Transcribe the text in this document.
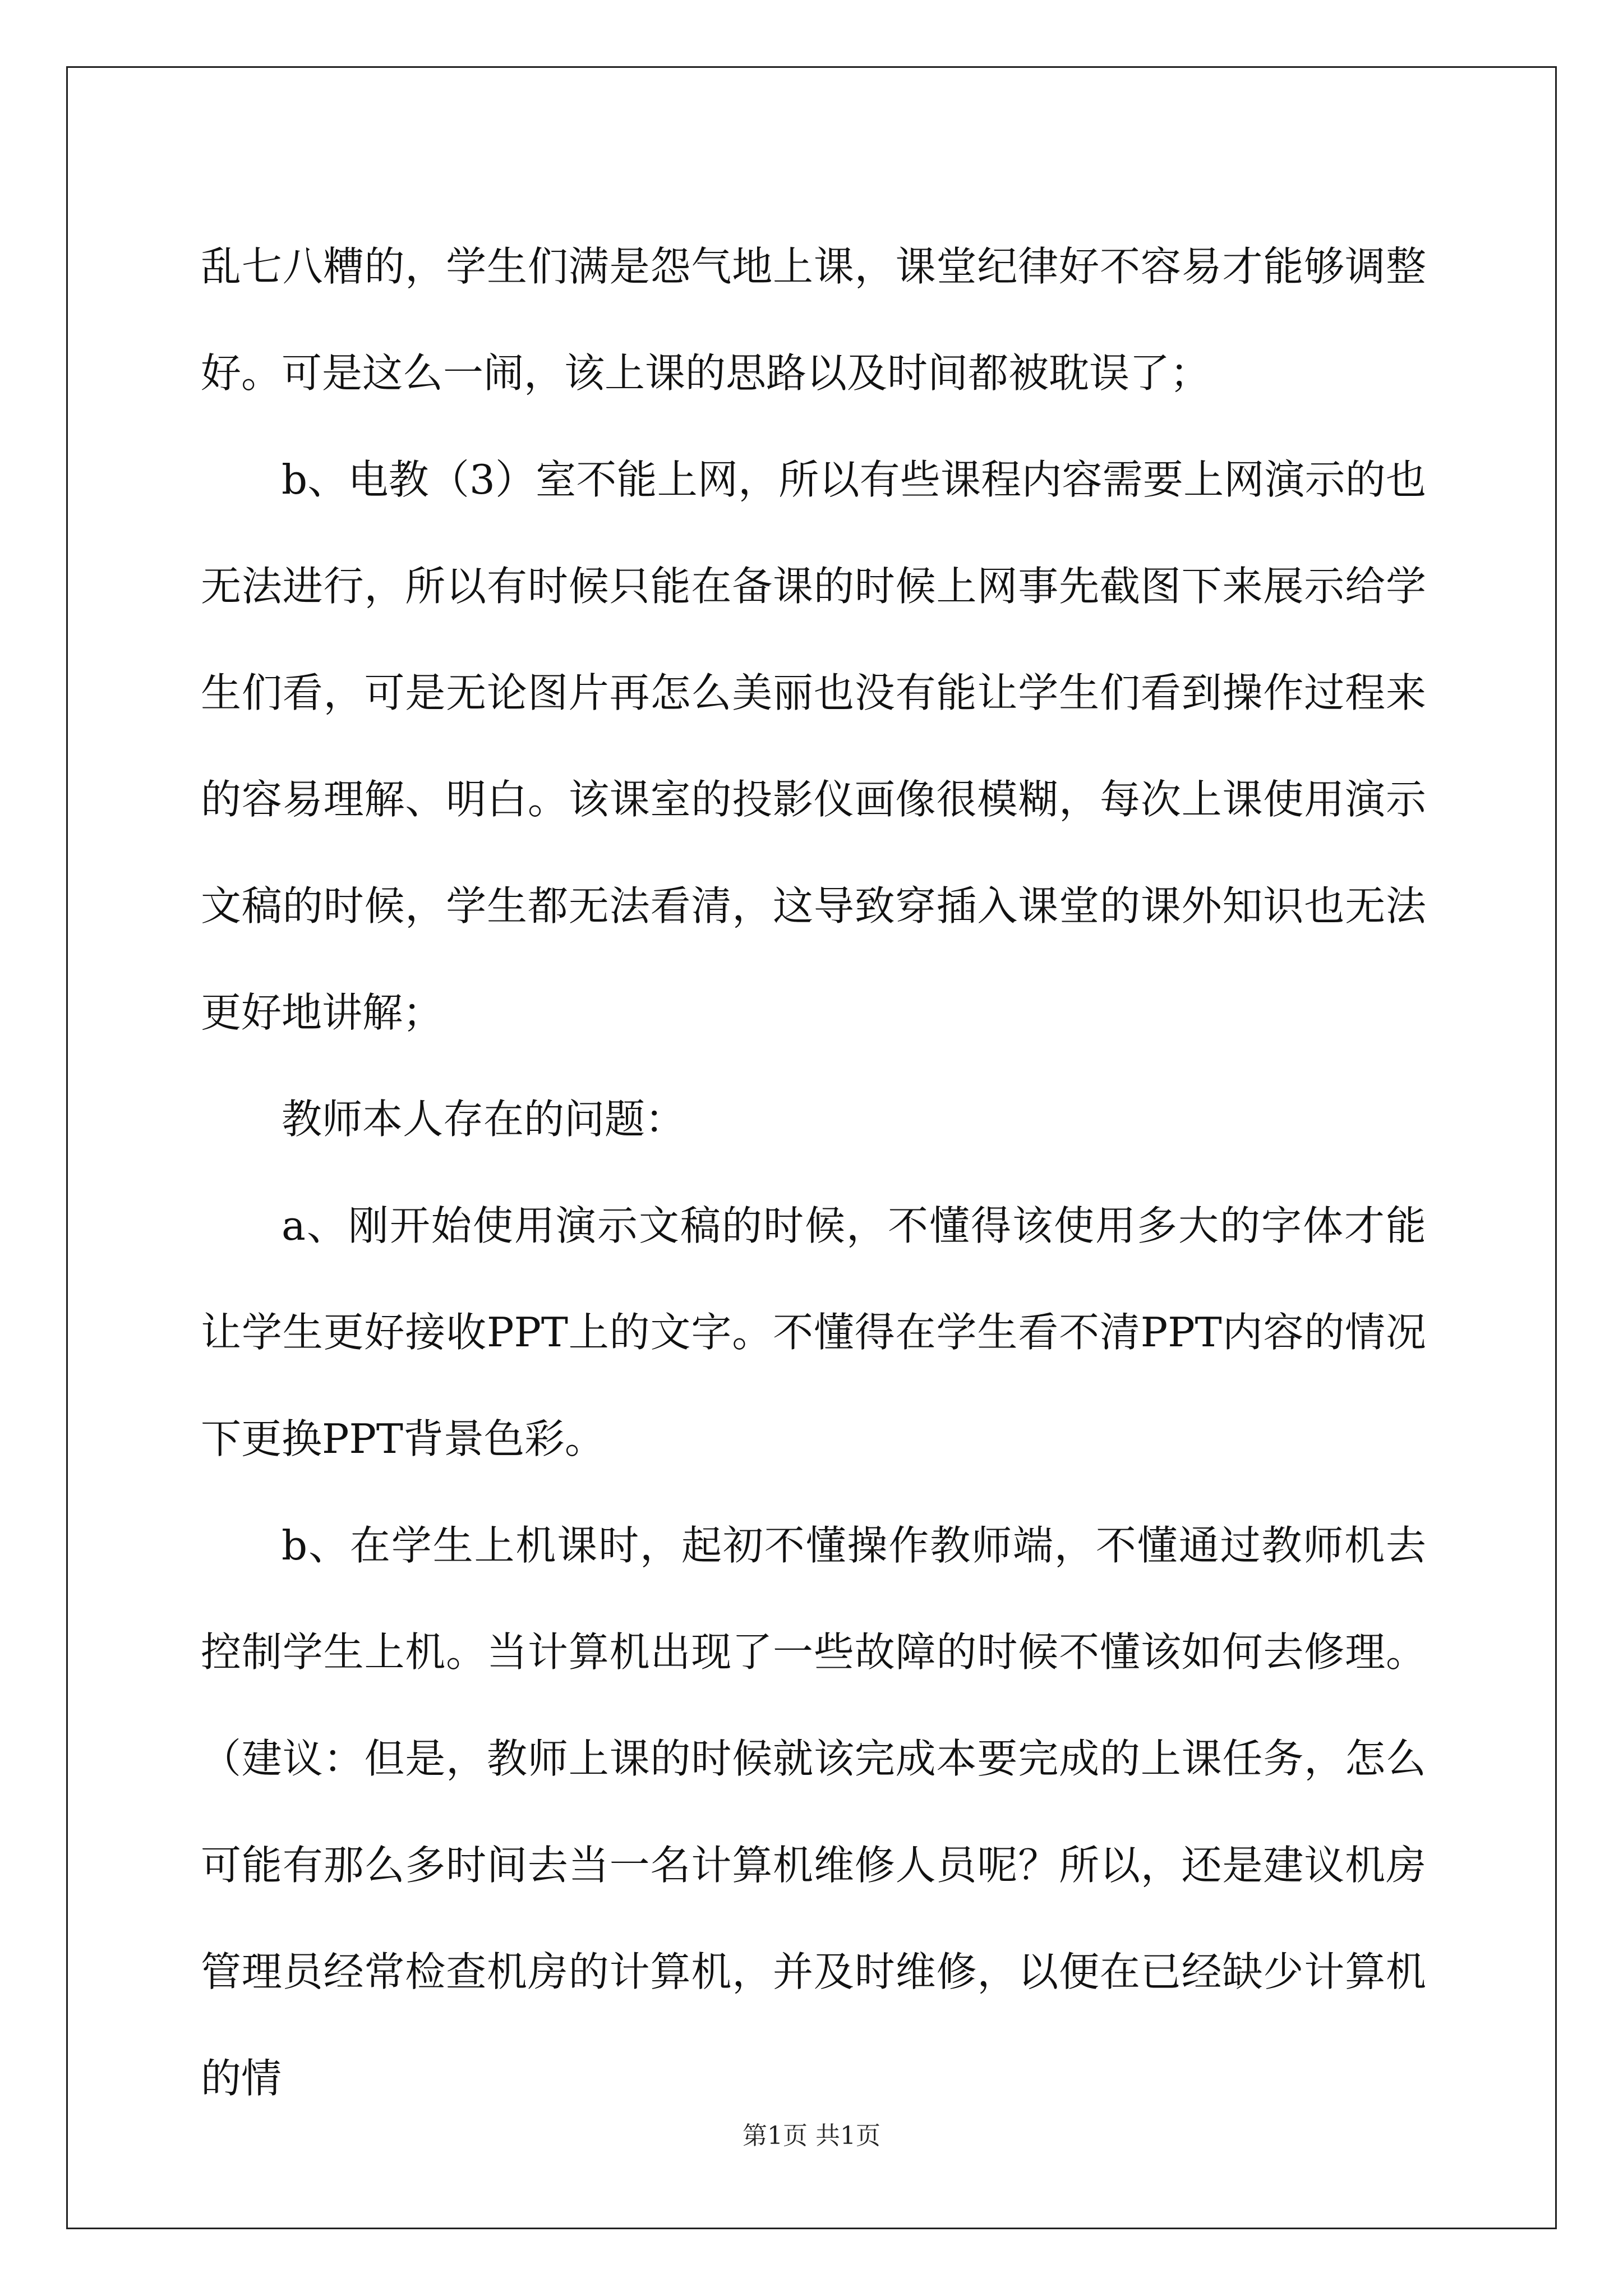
乱七八糟的，学生们满是怨气地上课，课堂纪律好不容易才能够调整好。可是这么一闹，该上课的思路以及时间都被耽误了；

b、电教（3）室不能上网，所以有些课程内容需要上网演示的也无法进行，所以有时候只能在备课的时候上网事先截图下来展示给学生们看，可是无论图片再怎么美丽也没有能让学生们看到操作过程来的容易理解、明白。该课室的投影仪画像很模糊，每次上课使用演示文稿的时候，学生都无法看清，这导致穿插入课堂的课外知识也无法更好地讲解；

教师本人存在的问题：

a、刚开始使用演示文稿的时候，不懂得该使用多大的字体才能让学生更好接收PPT上的文字。不懂得在学生看不清PPT内容的情况下更换PPT背景色彩。

b、在学生上机课时，起初不懂操作教师端，不懂通过教师机去控制学生上机。当计算机出现了一些故障的时候不懂该如何去修理。（建议：但是，教师上课的时候就该完成本要完成的上课任务，怎么可能有那么多时间去当一名计算机维修人员呢？所以，还是建议机房管理员经常检查机房的计算机，并及时维修，以便在已经缺少计算机的情

第1页 共1页
